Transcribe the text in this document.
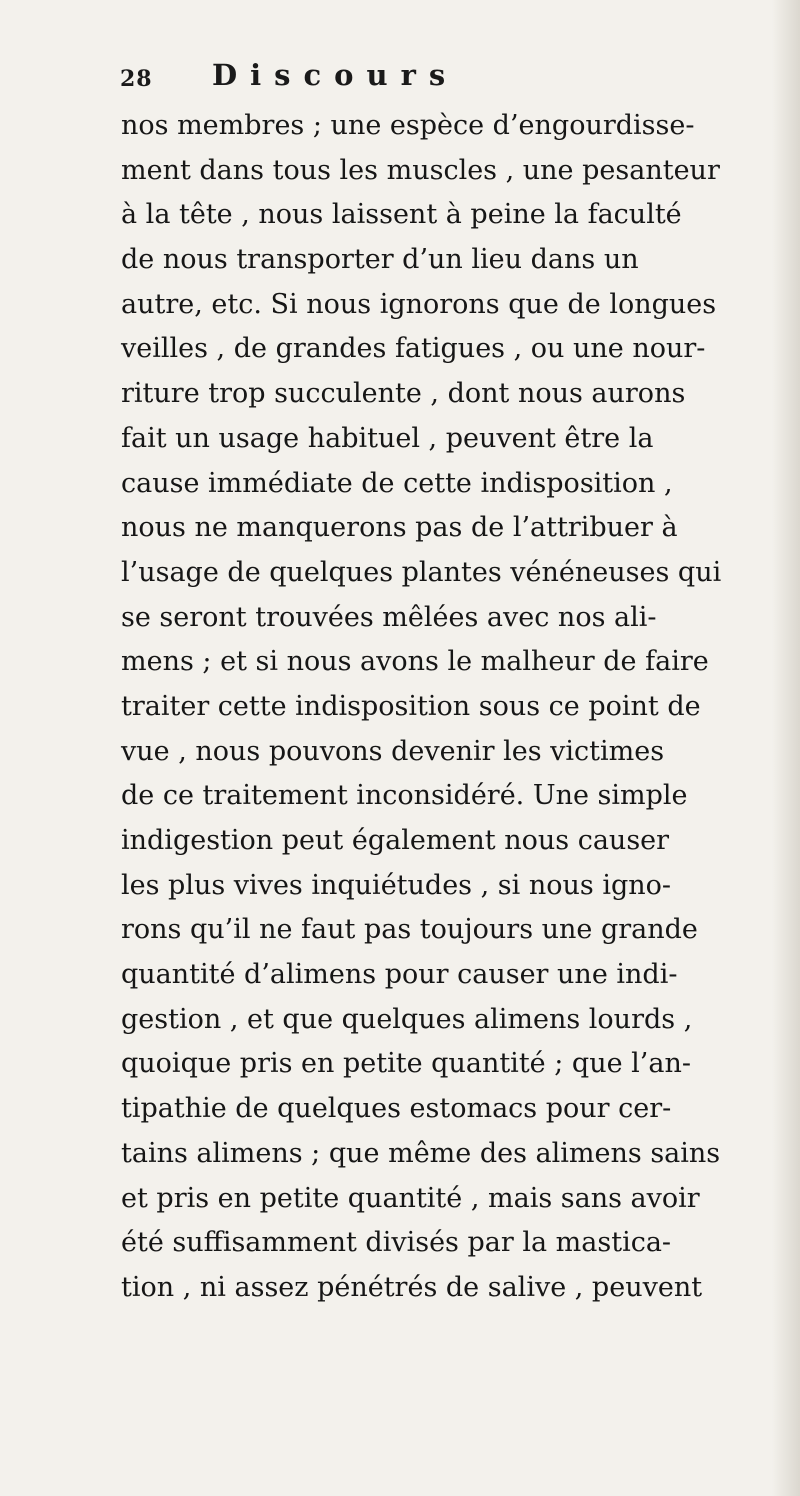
28 Discours
nos membres ; une espèce d’engourdisse-
ment dans tous les muscles , une pesanteur
à la tête , nous laissent à peine la faculté
de nous transporter d’un lieu dans un
autre, etc. Si nous ignorons que de longues
veilles , de grandes fatigues , ou une nour-
riture trop succulente , dont nous aurons
fait un usage habituel , peuvent être la
cause immédiate de cette indisposition ,
nous ne manquerons pas de l’attribuer à
l’usage de quelques plantes vénéneuses qui
se seront trouvées mêlées avec nos ali-
mens ; et si nous avons le malheur de faire
traiter cette indisposition sous ce point de
vue , nous pouvons devenir les victimes
de ce traitement inconsidéré. Une simple
indigestion peut également nous causer
les plus vives inquiétudes , si nous igno-
rons qu’il ne faut pas toujours une grande
quantité d’alimens pour causer une indi-
gestion , et que quelques alimens lourds ,
quoique pris en petite quantité ; que l’an-
tipathie de quelques estomacs pour cer-
tains alimens ; que même des alimens sains
et pris en petite quantité , mais sans avoir
été suffisamment divisés par la mastica-
tion , ni assez pénétrés de salive , peuvent
